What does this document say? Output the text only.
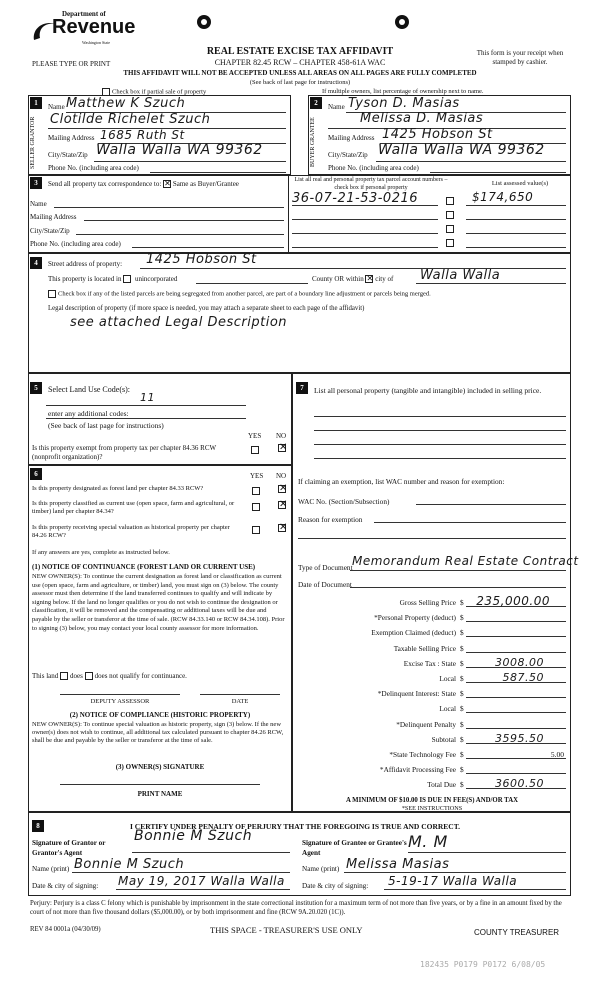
Department of
Revenue
Washington State
PLEASE TYPE OR PRINT
REAL ESTATE EXCISE TAX AFFIDAVIT
CHAPTER 82.45 RCW – CHAPTER 458-61A WAC
This form is your receipt when stamped by cashier.
THIS AFFIDAVIT WILL NOT BE ACCEPTED UNLESS ALL AREAS ON ALL PAGES ARE FULLY COMPLETED
(See back of last page for instructions)
Check box if partial sale of property	If multiple owners, list percentage of ownership next to name.
1
SELLER GRANTOR
Name Matthew K Szuch
Clotilde Richelet Szuch
Mailing Address 1685 Ruth St
City/State/Zip Walla Walla WA 99362
Phone No. (including area code)
2
BUYER GRANTEE
Name Tyson D. Masias
Melissa D. Masias
Mailing Address 1425 Hobson St
City/State/Zip Walla Walla WA 99362
Phone No. (including area code)
3	Send all property tax correspondence to: ✕ Same as Buyer/Grantee
Name
Mailing Address
City/State/Zip
Phone No. (including area code)
List all real and personal property tax parcel account numbers – check box if personal property
List assessed value(s)
36-07-21-53-0216	$174,650
4	Street address of property: 1425 Hobson St
This property is located in unincorporated	County OR within ✕ city of Walla Walla
Check box if any of the listed parcels are being segregated from another parcel, are part of a boundary line adjustment or parcels being merged.
Legal description of property (if more space is needed, you may attach a separate sheet to each page of the affidavit)
see attached Legal Description
5	Select Land Use Code(s):
11
enter any additional codes:
(See back of last page for instructions)
YES NO
Is this property exempt from property tax per chapter 84.36 RCW (nonprofit organization)?
✕
6	YES NO
Is this property designated as forest land per chapter 84.33 RCW?	✕
Is this property classified as current use (open space, farm and agricultural, or timber) land per chapter 84.34?
✕
Is this property receiving special valuation as historical property per chapter 84.26 RCW?
✕
If any answers are yes, complete as instructed below.
(1) NOTICE OF CONTINUANCE (FOREST LAND OR CURRENT USE)
NEW OWNER(S): To continue the current designation as forest land or classification as current use (open space, farm and agriculture, or timber) land, you must sign on (3) below. The county assessor must then determine if the land transferred continues to qualify and will indicate by signing below. If the land no longer qualifies or you do not wish to continue the designation or classification, it will be removed and the compensating or additional taxes will be due and payable by the seller or transferor at the time of sale. (RCW 84.33.140 or RCW 84.34.108). Prior to signing (3) below, you may contact your local county assessor for more information.
This land does does not qualify for continuance.
DEPUTY ASSESSOR	DATE
(2) NOTICE OF COMPLIANCE (HISTORIC PROPERTY)
NEW OWNER(S): To continue special valuation as historic property, sign (3) below. If the new owner(s) does not wish to continue, all additional tax calculated pursuant to chapter 84.26 RCW, shall be due and payable by the seller or transferor at the time of sale.
(3) OWNER(S) SIGNATURE
PRINT NAME
7	List all personal property (tangible and intangible) included in selling price.
If claiming an exemption, list WAC number and reason for exemption:
WAC No. (Section/Subsection)
Reason for exemption
Type of Document Memorandum Real Estate Contract
Date of Document
Gross Selling Price $	235,000.00
*Personal Property (deduct) $
Exemption Claimed (deduct) $
Taxable Selling Price $
Excise Tax : State $	3008.00
Local $	587.50
*Delinquent Interest: State $
Local $
*Delinquent Penalty $
Subtotal $	3595.50
*State Technology Fee $	5.00
*Affidavit Processing Fee $
Total Due $	3600.50
A MINIMUM OF $10.00 IS DUE IN FEE(S) AND/OR TAX
*SEE INSTRUCTIONS
8	I CERTIFY UNDER PENALTY OF PERJURY THAT THE FOREGOING IS TRUE AND CORRECT.
Bonnie M Szuch
Signature of Grantor or Grantor's Agent
M. M
Signature of Grantee or Grantee's Agent
Name (print) Bonnie M Szuch	Name (print) Melissa Masias
Date & city of signing: May 19, 2017 Walla Walla Date & city of signing: 5-19-17 Walla Walla
Perjury: Perjury is a class C felony which is punishable by imprisonment in the state correctional institution for a maximum term of not more than five years, or by a fine in an amount fixed by the court of not more than five thousand dollars ($5,000.00), or by both imprisonment and fine (RCW 9A.20.020 (1C)).
REV 84 0001a (04/30/09)	THIS SPACE - TREASURER'S USE ONLY	COUNTY TREASURER
182435 P0179 P0172 6/08/05
